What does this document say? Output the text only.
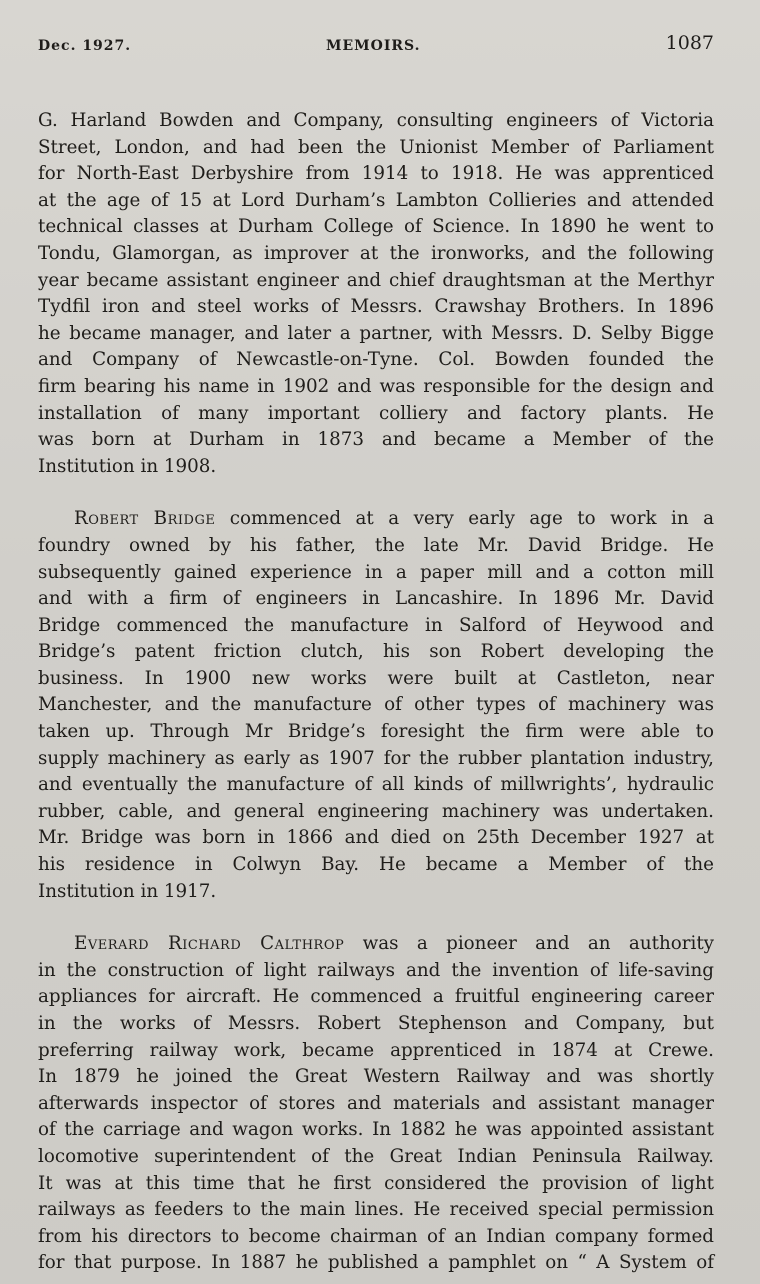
Dec. 1927.	MEMOIRS.	1087
G. Harland Bowden and Company, consulting engineers of Victoria
Street, London, and had been the Unionist Member of Parliament
for North-East Derbyshire from 1914 to 1918. He was apprenticed
at the age of 15 at Lord Durham’s Lambton Collieries and attended
technical classes at Durham College of Science. In 1890 he went to
Tondu, Glamorgan, as improver at the ironworks, and the following
year became assistant engineer and chief draughtsman at the Merthyr
Tydfil iron and steel works of Messrs. Crawshay Brothers. In 1896
he became manager, and later a partner, with Messrs. D. Selby Bigge
and Company of Newcastle-on-Tyne. Col. Bowden founded the
firm bearing his name in 1902 and was responsible for the design and
installation of many important colliery and factory plants. He
was born at Durham in 1873 and became a Member of the
Institution in 1908.
Robert Bridge commenced at a very early age to work in a
foundry owned by his father, the late Mr. David Bridge. He
subsequently gained experience in a paper mill and a cotton mill
and with a firm of engineers in Lancashire. In 1896 Mr. David
Bridge commenced the manufacture in Salford of Heywood and
Bridge’s patent friction clutch, his son Robert developing the
business. In 1900 new works were built at Castleton, near
Manchester, and the manufacture of other types of machinery was
taken up. Through Mr Bridge’s foresight the firm were able to
supply machinery as early as 1907 for the rubber plantation industry,
and eventually the manufacture of all kinds of millwrights’, hydraulic
rubber, cable, and general engineering machinery was undertaken.
Mr. Bridge was born in 1866 and died on 25th December 1927 at
his residence in Colwyn Bay. He became a Member of the
Institution in 1917.
Everard Richard Calthrop was a pioneer and an authority
in the construction of light railways and the invention of life-saving
appliances for aircraft. He commenced a fruitful engineering career
in the works of Messrs. Robert Stephenson and Company, but
preferring railway work, became apprenticed in 1874 at Crewe.
In 1879 he joined the Great Western Railway and was shortly
afterwards inspector of stores and materials and assistant manager
of the carriage and wagon works. In 1882 he was appointed assistant
locomotive superintendent of the Great Indian Peninsula Railway.
It was at this time that he first considered the provision of light
railways as feeders to the main lines. He received special permission
from his directors to become chairman of an Indian company formed
for that purpose. In 1887 he published a pamphlet on “ A System of
